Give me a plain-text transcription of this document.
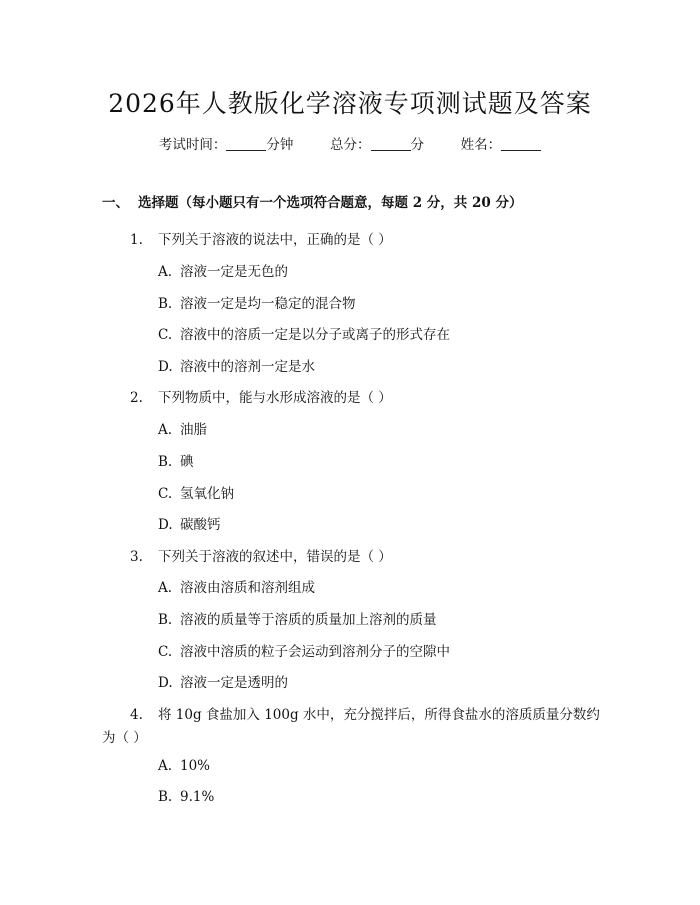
2026年人教版化学溶液专项测试题及答案
考试时间：	分钟	总分：	分	姓名：
一、 选择题（每小题只有一个选项符合题意，每题 2 分，共 20 分）
1. 下列关于溶液的说法中，正确的是（ ）
A. 溶液一定是无色的
B. 溶液一定是均一稳定的混合物
C. 溶液中的溶质一定是以分子或离子的形式存在
D. 溶液中的溶剂一定是水
2. 下列物质中，能与水形成溶液的是（ ）
A. 油脂
B. 碘
C. 氢氧化钠
D. 碳酸钙
3. 下列关于溶液的叙述中，错误的是（ ）
A. 溶液由溶质和溶剂组成
B. 溶液的质量等于溶质的质量加上溶剂的质量
C. 溶液中溶质的粒子会运动到溶剂分子的空隙中
D. 溶液一定是透明的
4. 将 10g 食盐加入 100g 水中，充分搅拌后，所得食盐水的溶质质量分数约
为（ ）
A. 10%
B. 9.1%
